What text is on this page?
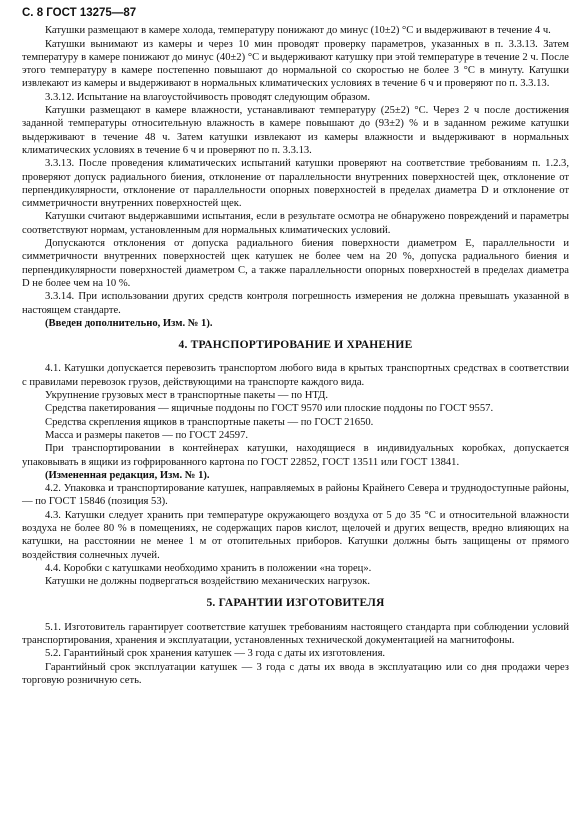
С. 8 ГОСТ 13275—87

Катушки размещают в камере холода, температуру понижают до минус (10±2) °С и выдерживают в течение 4 ч.

Катушки вынимают из камеры и через 10 мин проводят проверку параметров, указанных в п. 3.3.13. Затем температуру в камере понижают до минус (40±2) °С и выдерживают катушку при этой температуре в течение 2 ч. После этого температуру в камере постепенно повышают до нормальной со скоростью не более 3 °С в минуту. Катушки извлекают из камеры и выдерживают в нормальных климатических условиях в течение 6 ч и проверяют по п. 3.3.13.

3.3.12. Испытание на влагоустойчивость проводят следующим образом.

Катушки размещают в камере влажности, устанавливают температуру (25±2) °С. Через 2 ч после достижения заданной температуры относительную влажность в камере повышают до (93±2) % и в заданном режиме катушки выдерживают в течение 48 ч. Затем катушки извлекают из камеры влажности и выдерживают в нормальных климатических условиях в течение 6 ч и проверяют по п. 3.3.13.

3.3.13. После проведения климатических испытаний катушки проверяют на соответствие требованиям п. 1.2.3, проверяют допуск радиального биения, отклонение от параллельности внутренних поверхностей щек, отклонение от перпендикулярности, отклонение от параллельности опорных поверхностей в пределах диаметра D и отклонение от симметричности внутренних поверхностей щек.

Катушки считают выдержавшими испытания, если в результате осмотра не обнаружено повреждений и параметры соответствуют нормам, установленным для нормальных климатических условий.

Допускаются отклонения от допуска радиального биения поверхности диаметром E, параллельности и симметричности внутренних поверхностей щек катушек не более чем на 20 %, допуска радиального биения и перпендикулярности поверхностей диаметром C, а также параллельности опорных поверхностей в пределах диаметра D не более чем на 10 %.

3.3.14. При использовании других средств контроля погрешность измерения не должна превышать указанной в настоящем стандарте.

(Введен дополнительно, Изм. № 1).

4. ТРАНСПОРТИРОВАНИЕ И ХРАНЕНИЕ

4.1. Катушки допускается перевозить транспортом любого вида в крытых транспортных средствах в соответствии с правилами перевозок грузов, действующими на транспорте каждого вида.

Укрупнение грузовых мест в транспортные пакеты — по НТД.

Средства пакетирования — ящичные поддоны по ГОСТ 9570 или плоские поддоны по ГОСТ 9557.

Средства скрепления ящиков в транспортные пакеты — по ГОСТ 21650.

Масса и размеры пакетов — по ГОСТ 24597.

При транспортировании в контейнерах катушки, находящиеся в индивидуальных коробках, допускается упаковывать в ящики из гофрированного картона по ГОСТ 22852, ГОСТ 13511 или ГОСТ 13841.

(Измененная редакция, Изм. № 1).

4.2. Упаковка и транспортирование катушек, направляемых в районы Крайнего Севера и труднодоступные районы, — по ГОСТ 15846 (позиция 53).

4.3. Катушки следует хранить при температуре окружающего воздуха от 5 до 35 °С и относительной влажности воздуха не более 80 % в помещениях, не содержащих паров кислот, щелочей и других веществ, вредно влияющих на катушки, на расстоянии не менее 1 м от отопительных приборов. Катушки должны быть защищены от прямого воздействия солнечных лучей.

4.4. Коробки с катушками необходимо хранить в положении «на торец».

Катушки не должны подвергаться воздействию механических нагрузок.

5. ГАРАНТИИ ИЗГОТОВИТЕЛЯ

5.1. Изготовитель гарантирует соответствие катушек требованиям настоящего стандарта при соблюдении условий транспортирования, хранения и эксплуатации, установленных технической документацией на магнитофоны.

5.2. Гарантийный срок хранения катушек — 3 года с даты их изготовления.

Гарантийный срок эксплуатации катушек — 3 года с даты их ввода в эксплуатацию или со дня продажи через торговую розничную сеть.
